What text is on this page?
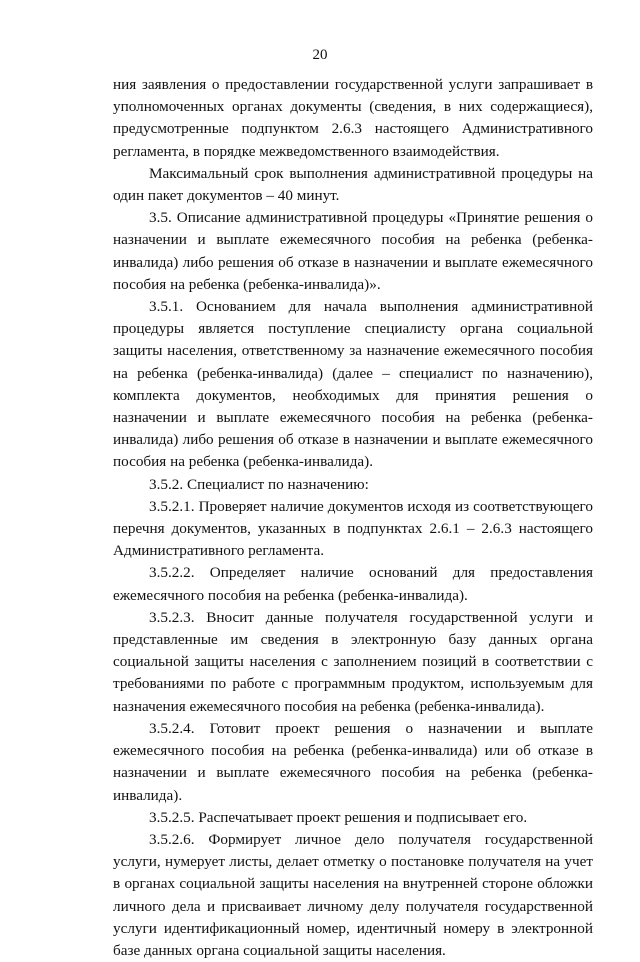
20

ния заявления о предоставлении государственной услуги запрашивает в уполномоченных органах документы (сведения, в них содержащиеся), предусмотренные подпунктом 2.6.3 настоящего Административного регламента, в порядке межведомственного взаимодействия.

Максимальный срок выполнения административной процедуры на один пакет документов – 40 минут.

3.5. Описание административной процедуры «Принятие решения о назначении и выплате ежемесячного пособия на ребенка (ребенка-инвалида) либо решения об отказе в назначении и выплате ежемесячного пособия на ребенка (ребенка-инвалида)».

3.5.1. Основанием для начала выполнения административной процедуры является поступление специалисту органа социальной защиты населения, ответственному за назначение ежемесячного пособия на ребенка (ребенка-инвалида) (далее – специалист по назначению), комплекта документов, необходимых для принятия решения о назначении и выплате ежемесячного пособия на ребенка (ребенка-инвалида) либо решения об отказе в назначении и выплате ежемесячного пособия на ребенка (ребенка-инвалида).

3.5.2. Специалист по назначению:

3.5.2.1. Проверяет наличие документов исходя из соответствующего перечня документов, указанных в подпунктах 2.6.1 – 2.6.3 настоящего Административного регламента.

3.5.2.2. Определяет наличие оснований для предоставления ежемесячного пособия на ребенка (ребенка-инвалида).

3.5.2.3. Вносит данные получателя государственной услуги и представленные им сведения в электронную базу данных органа социальной защиты населения с заполнением позиций в соответствии с требованиями по работе с программным продуктом, используемым для назначения ежемесячного пособия на ребенка (ребенка-инвалида).

3.5.2.4. Готовит проект решения о назначении и выплате ежемесячного пособия на ребенка (ребенка-инвалида) или об отказе в назначении и выплате ежемесячного пособия на ребенка (ребенка-инвалида).

3.5.2.5. Распечатывает проект решения и подписывает его.

3.5.2.6. Формирует личное дело получателя государственной услуги, нумерует листы, делает отметку о постановке получателя на учет в органах социальной защиты населения на внутренней стороне обложки личного дела и присваивает личному делу получателя государственной услуги идентификационный номер, идентичный номеру в электронной базе данных органа социальной защиты населения.
